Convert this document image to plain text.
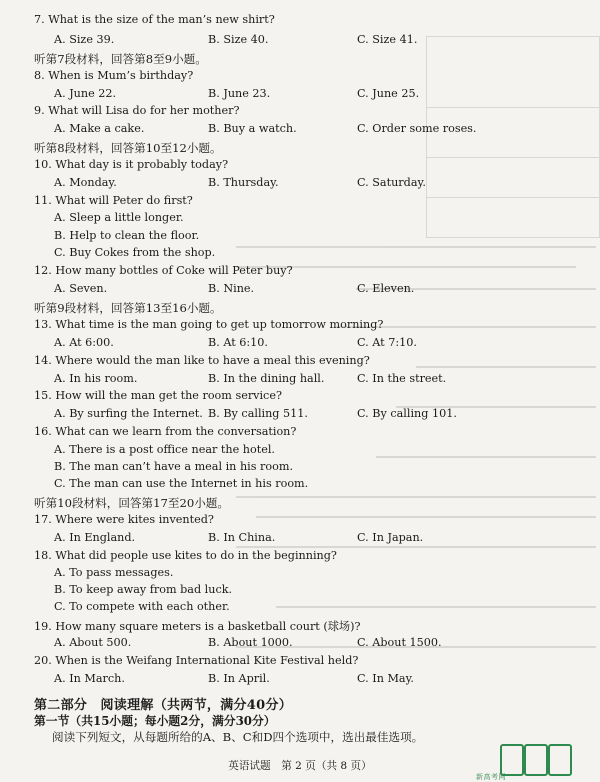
7. What is the size of the man’s new shirt?
A. Size 39.	B. Size 40.	C. Size 41.
听第7段材料，回答第8至9小题。
8. When is Mum’s birthday?
A. June 22.	B. June 23.	C. June 25.
9. What will Lisa do for her mother?
A. Make a cake.	B. Buy a watch.	C. Order some roses.
听第8段材料，回答第10至12小题。
10. What day is it probably today?
A. Monday.	B. Thursday.	C. Saturday.
11. What will Peter do first?
A. Sleep a little longer.
B. Help to clean the floor.
C. Buy Cokes from the shop.
12. How many bottles of Coke will Peter buy?
A. Seven.	B. Nine.	C. Eleven.
听第9段材料，回答第13至16小题。
13. What time is the man going to get up tomorrow morning?
A. At 6:00.	B. At 6:10.	C. At 7:10.
14. Where would the man like to have a meal this evening?
A. In his room.	B. In the dining hall.	C. In the street.
15. How will the man get the room service?
A. By surfing the Internet. B. By calling 511.	C. By calling 101.
16. What can we learn from the conversation?
A. There is a post office near the hotel.
B. The man can’t have a meal in his room.
C. The man can use the Internet in his room.
听第10段材料，回答第17至20小题。
17. Where were kites invented?
A. In England.	B. In China.	C. In Japan.
18. What did people use kites to do in the beginning?
A. To pass messages.
B. To keep away from bad luck.
C. To compete with each other.
19. How many square meters is a basketball court (球场)?
A. About 500.	B. About 1000.	C. About 1500.
20. When is the Weifang International Kite Festival held?
A. In March.	B. In April.	C. In May.
第二部分　阅读理解（共两节，满分40分）
第一节（共15小题；每小题2分，满分30分）
阅读下列短文，从每题所给的A、B、C和D四个选项中，选出最佳选项。
英语试题　第 2 页（共 8 页）
新高考网
